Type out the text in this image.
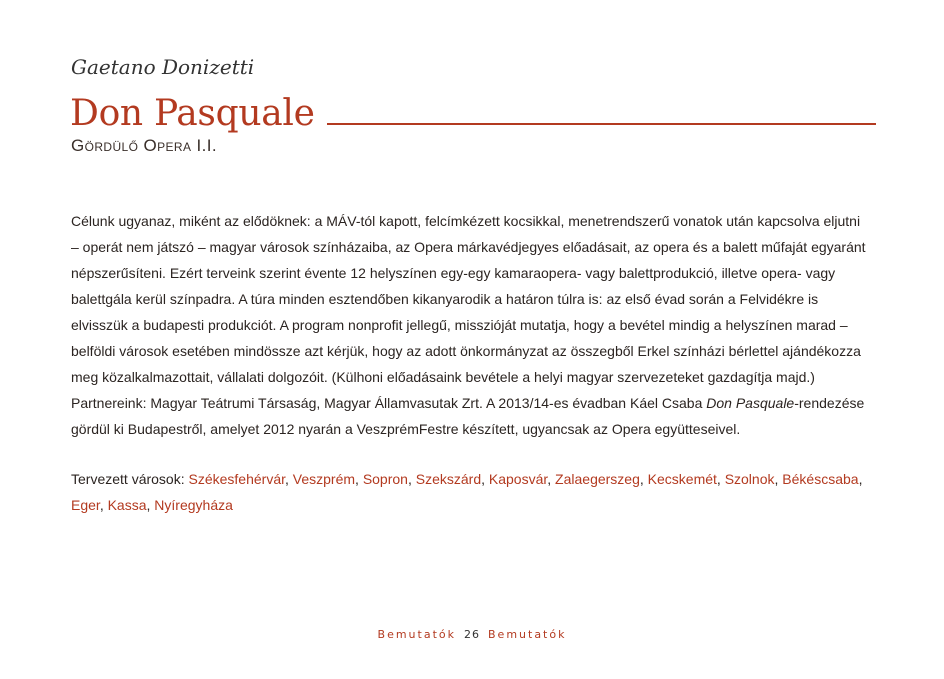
Gaetano Donizetti
Don Pasquale
GÖRDÜLŐ OPERA I.I.

Célunk ugyanaz, miként az elődöknek: a MÁV-tól kapott, felcímkézett kocsikkal, menetrendszerű vonatok után kapcsolva eljutni – operát nem játszó – magyar városok színházaiba, az Opera márkavédjegyes előadásait, az opera és a balett műfaját egyaránt népszerűsíteni. Ezért terveink szerint évente 12 helyszínen egy-egy kamaraopera- vagy balettprodukció, illetve opera- vagy balettgála kerül színpadra. A túra minden esztendőben kikanyarodik a határon túlra is: az első évad során a Felvidékre is elvisszük a budapesti produkciót. A program nonprofit jellegű, misszióját mutatja, hogy a bevétel mindig a helyszínen marad – belföldi városok esetében mindössze azt kérjük, hogy az adott önkormányzat az összegből Erkel színházi bérlettel ajándékozza meg közalkalmazottait, vállalati dolgozóit. (Külhoni előadásaink bevétele a helyi magyar szervezeteket gazdagítja majd.) Partnereink: Magyar Teátrumi Társaság, Magyar Államvasutak Zrt. A 2013/14-es évadban Káel Csaba Don Pasquale-rendezése gördül ki Budapestről, amelyet 2012 nyarán a VeszprémFestre készített, ugyancsak az Opera együtteseivel.

Tervezett városok: Székesfehérvár, Veszprém, Sopron, Szekszárd, Kaposvár, Zalaegerszeg, Kecskemét, Szolnok, Békéscsaba, Eger, Kassa, Nyíregyháza

Bemutatók 26 Bemutatók
